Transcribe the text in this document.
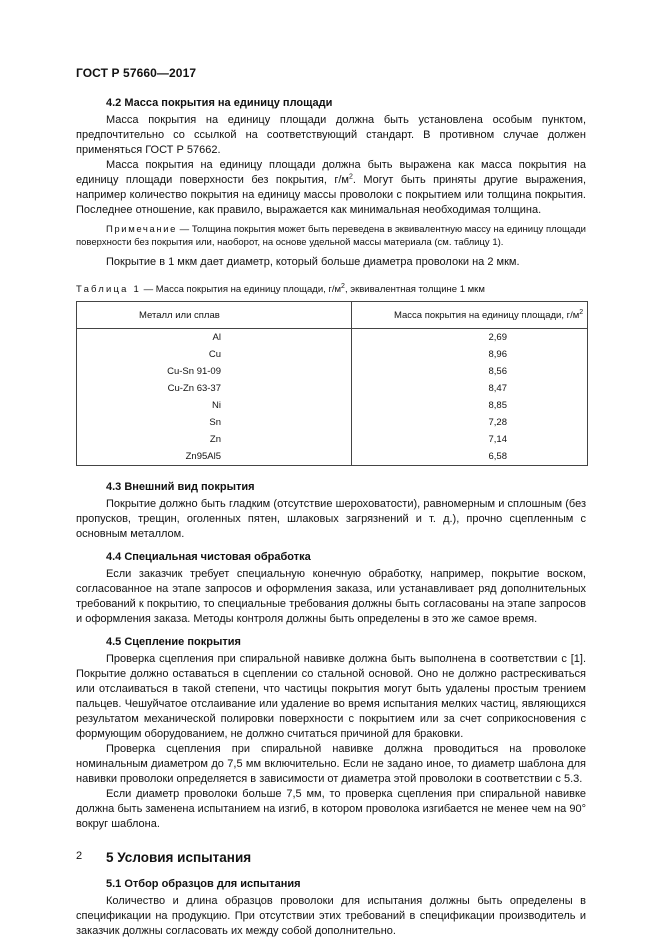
ГОСТ Р 57660—2017
4.2 Масса покрытия на единицу площади

Масса покрытия на единицу площади должна быть установлена особым пунктом, предпочтительно со ссылкой на соответствующий стандарт. В противном случае должен применяться ГОСТ Р 57662.

Масса покрытия на единицу площади должна быть выражена как масса покрытия на единицу площади поверхности без покрытия, $г/м^2$. Могут быть приняты другие выражения, например количество покрытия на единицу массы проволоки с покрытием или толщина покрытия. Последнее отношение, как правило, выражается как минимальная необходимая толщина.

Примечание — Толщина покрытия может быть переведена в эквивалентную массу на единицу площади поверхности без покрытия или, наоборот, на основе удельной массы материала (см. таблицу 1).

Покрытие в 1 мкм дает диаметр, который больше диаметра проволоки на 2 мкм.

Таблица 1 — Масса покрытия на единицу площади, $г/м^2$, эквивалентная толщине 1 мкм
Металл или сплав	Масса покрытия на единицу площади, $г/м^2$
Al	2,69
Cu	8,96
Cu-Sn 91-09	8,56
Cu-Zn 63-37	8,47
Ni	8,85
Sn	7,28
Zn	7,14
Zn95Al5	6,58
4.3 Внешний вид покрытия

Покрытие должно быть гладким (отсутствие шероховатости), равномерным и сплошным (без пропусков, трещин, оголенных пятен, шлаковых загрязнений и т. д.), прочно сцепленным с основным металлом.

4.4 Специальная чистовая обработка

Если заказчик требует специальную конечную обработку, например, покрытие воском, согласованное на этапе запросов и оформления заказа, или устанавливает ряд дополнительных требований к покрытию, то специальные требования должны быть согласованы на этапе запросов и оформления заказа. Методы контроля должны быть определены в это же самое время.

4.5 Сцепление покрытия

Проверка сцепления при спиральной навивке должна быть выполнена в соответствии с [1]. Покрытие должно оставаться в сцеплении со стальной основой. Оно не должно растрескиваться или отслаиваться в такой степени, что частицы покрытия могут быть удалены простым трением пальцев. Чешуйчатое отслаивание или удаление во время испытания мелких частиц, являющихся результатом механической полировки поверхности с покрытием или за счет соприкосновения с формующим оборудованием, не должно считаться причиной для браковки.

Проверка сцепления при спиральной навивке должна проводиться на проволоке номинальным диаметром до 7,5 мм включительно. Если не задано иное, то диаметр шаблона для навивки проволоки определяется в зависимости от диаметра этой проволоки в соответствии с 5.3.

Если диаметр проволоки больше 7,5 мм, то проверка сцепления при спиральной навивке должна быть заменена испытанием на изгиб, в котором проволока изгибается не менее чем на 90° вокруг шаблона.

5 Условия испытания
5.1 Отбор образцов для испытания

Количество и длина образцов проволоки для испытания должны быть определены в спецификации на продукцию. При отсутствии этих требований в спецификации производитель и заказчик должны согласовать их между собой дополнительно.

2
